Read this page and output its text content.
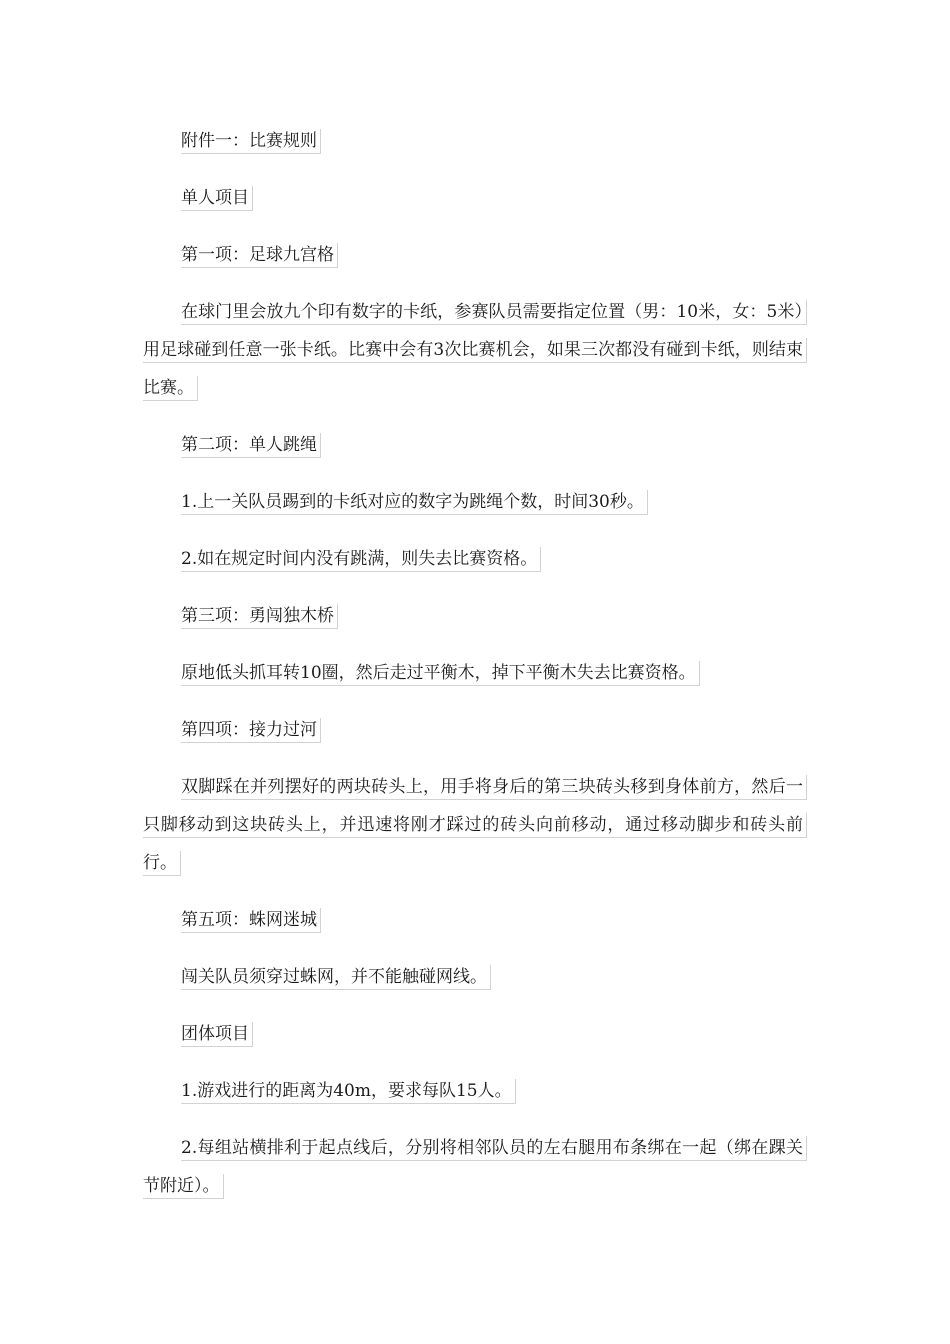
附件一：比赛规则

单人项目

第一项：足球九宫格

在球门里会放九个印有数字的卡纸，参赛队员需要指定位置（男：10米，女：5米）用足球碰到任意一张卡纸。比赛中会有3次比赛机会，如果三次都没有碰到卡纸，则结束比赛。

第二项：单人跳绳

1.上一关队员踢到的卡纸对应的数字为跳绳个数，时间30秒。

2.如在规定时间内没有跳满，则失去比赛资格。

第三项：勇闯独木桥

原地低头抓耳转10圈，然后走过平衡木，掉下平衡木失去比赛资格。

第四项：接力过河

双脚踩在并列摆好的两块砖头上，用手将身后的第三块砖头移到身体前方，然后一只脚移动到这块砖头上，并迅速将刚才踩过的砖头向前移动，通过移动脚步和砖头前行。

第五项：蛛网迷城

闯关队员须穿过蛛网，并不能触碰网线。

团体项目

1.游戏进行的距离为40m，要求每队15人。

2.每组站横排利于起点线后，分别将相邻队员的左右腿用布条绑在一起（绑在踝关节附近）。
